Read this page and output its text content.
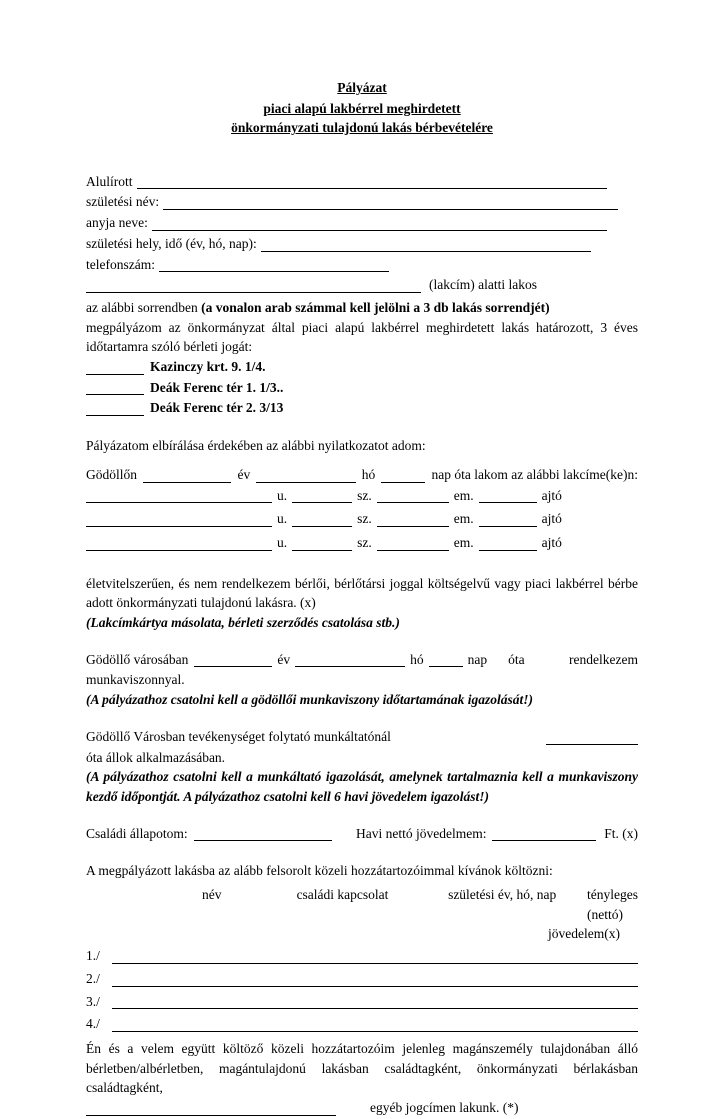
Pályázat
piaci alapú lakbérrel meghirdetett
önkormányzati tulajdonú lakás bérbevételére
Alulírott

születési név:

anyja neve:

születési hely, idő (év, hó, nap):

telefonszám:

(lakcím) alatti lakos
az alábbi sorrendben (a vonalon arab számmal kell jelölni a 3 db lakás sorrendjét)
megpályázom az önkormányzat által piaci alapú lakbérrel meghirdetett lakás határozott, 3 éves időtartamra szóló bérleti jogát:

Kazinczy krt. 9. 1/4.

Deák Ferenc tér 1. 1/3..

Deák Ferenc tér 2. 3/13
Pályázatom elbírálása érdekében az alábbi nyilatkozatot adom:
Gödöllőn
	év
	hó
	nap óta lakom az alábbi lakcíme(ke)n:

u.
	sz.
	em.
	ajtó

u.
	sz.
	em.
	ajtó

u.
	sz.
	em.
	ajtó
életvitelszerűen, és nem rendelkezem bérlői, bérlőtársi joggal költségelvű vagy piaci lakbérrel bérbe adott önkormányzati tulajdonú lakásra. (x)
(Lakcímkártya másolata, bérleti szerződés csatolása stb.)
Gödöllő városában
	év
	hó
	nap	óta	rendelkezem
munkaviszonnyal.
(A pályázathoz csatolni kell a gödöllői munkaviszony időtartamának igazolását!)
Gödöllő Városban tevékenységet folytató munkáltatónál

óta állok alkalmazásában.
(A pályázathoz csatolni kell a munkáltató igazolását, amelynek tartalmaznia kell a munkaviszony kezdő időpontját. A pályázathoz csatolni kell 6 havi jövedelem igazolást!)
Családi állapotom:
	Havi nettó jövedelmem:
	Ft. (x)
A megpályázott lakásba az alább felsorolt közeli hozzátartozóimmal kívánok költözni:
név	családi kapcsolat	születési év, hó, nap	tényleges (nettó)
jövedelem(x)
1./

2./

3./

4./

Én és a velem együtt költöző közeli hozzátartozóim jelenleg magánszemély tulajdonában álló bérletben/albérletben, magántulajdonú lakásban családtagként, önkormányzati bérlakásban családtagként,

egyéb jogcímen lakunk. (*)
